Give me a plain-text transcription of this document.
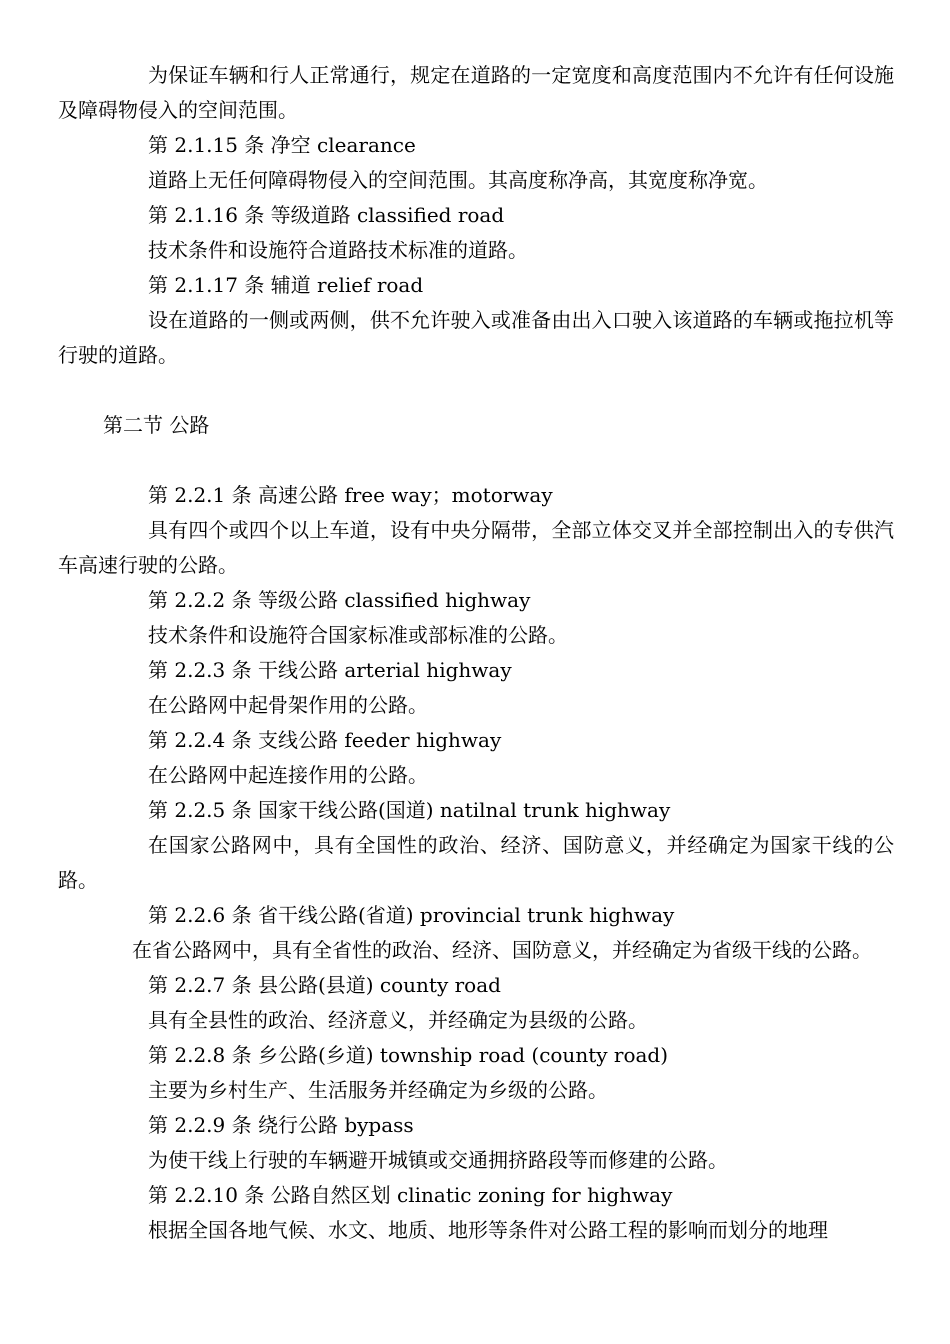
为保证车辆和行人正常通行，规定在道路的一定宽度和高度范围内不允许有任何设施及障碍物侵入的空间范围。
第 2.1.15 条 净空 clearance
道路上无任何障碍物侵入的空间范围。其高度称净高，其宽度称净宽。
第 2.1.16 条 等级道路 classified road
技术条件和设施符合道路技术标准的道路。
第 2.1.17 条 辅道 relief road
设在道路的一侧或两侧，供不允许驶入或准备由出入口驶入该道路的车辆或拖拉机等行驶的道路。
第二节 公路
第 2.2.1 条 高速公路 free way；motorway
具有四个或四个以上车道，设有中央分隔带，全部立体交叉并全部控制出入的专供汽车高速行驶的公路。
第 2.2.2 条 等级公路 classified highway
技术条件和设施符合国家标准或部标准的公路。
第 2.2.3 条 干线公路 arterial highway
在公路网中起骨架作用的公路。
第 2.2.4 条 支线公路 feeder highway
在公路网中起连接作用的公路。
第 2.2.5 条 国家干线公路(国道) natilnal trunk highway
在国家公路网中，具有全国性的政治、经济、国防意义，并经确定为国家干线的公路。
第 2.2.6 条 省干线公路(省道) provincial trunk highway
在省公路网中，具有全省性的政治、经济、国防意义，并经确定为省级干线的公路。
第 2.2.7 条 县公路(县道) county road
具有全县性的政治、经济意义，并经确定为县级的公路。
第 2.2.8 条 乡公路(乡道) township road (county road)
主要为乡村生产、生活服务并经确定为乡级的公路。
第 2.2.9 条 绕行公路 bypass
为使干线上行驶的车辆避开城镇或交通拥挤路段等而修建的公路。
第 2.2.10 条 公路自然区划 clinatic zoning for highway
根据全国各地气候、水文、地质、地形等条件对公路工程的影响而划分的地理
